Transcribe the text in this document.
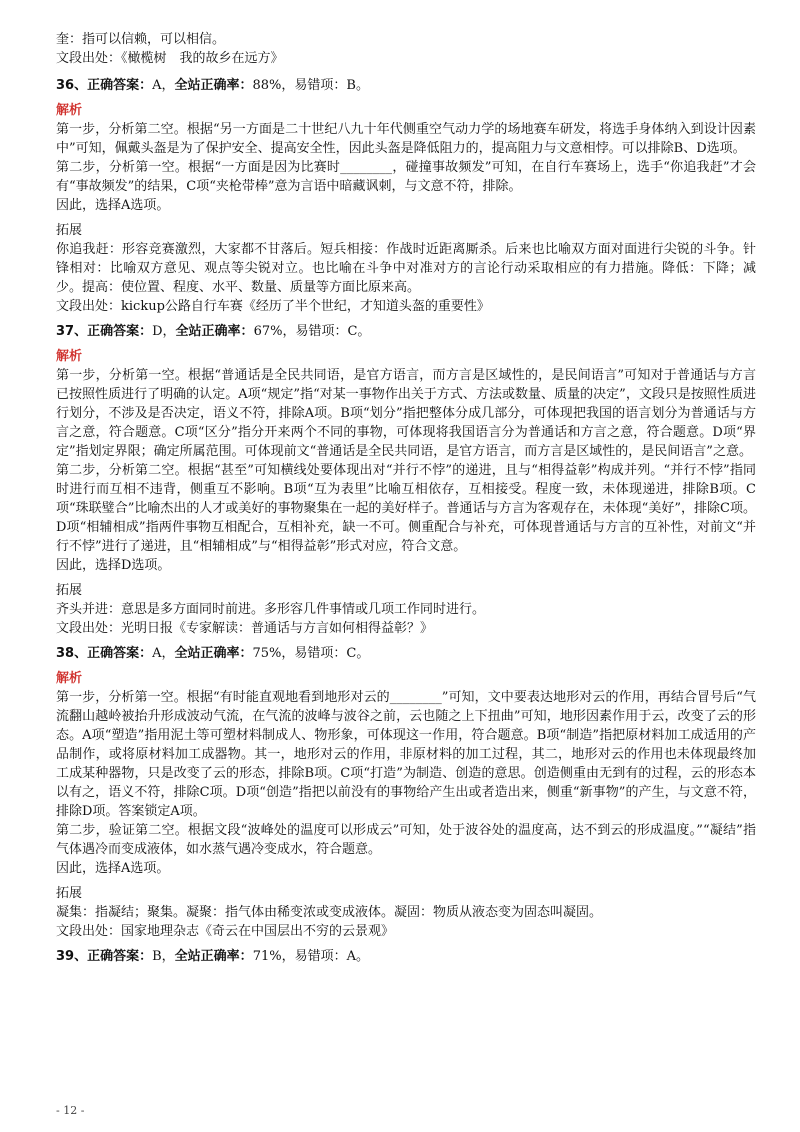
奎：指可以信赖，可以相信。

文段出处：《橄榄树　我的故乡在远方》

36、正确答案：A，全站正确率：88%，易错项：B。

解析

第一步，分析第二空。根据“另一方面是二十世纪八九十年代侧重空气动力学的场地赛车研发，将选手身体纳入到设计因素中”可知，佩戴头盔是为了保护安全、提高安全性，因此头盔是降低阻力的，提高阻力与文意相悖。可以排除B、D选项。

第二步，分析第一空。根据“一方面是因为比赛时________，碰撞事故频发”可知，在自行车赛场上，选手“你追我赶”才会有“事故频发”的结果，C项“夹枪带棒”意为言语中暗藏讽刺，与文意不符，排除。

因此，选择A选项。

拓展

你追我赶：形容竞赛激烈，大家都不甘落后。短兵相接：作战时近距离厮杀。后来也比喻双方面对面进行尖锐的斗争。针锋相对：比喻双方意见、观点等尖锐对立。也比喻在斗争中对准对方的言论行动采取相应的有力措施。降低：下降；减少。提高：使位置、程度、水平、数量、质量等方面比原来高。

文段出处：kickup公路自行车赛《经历了半个世纪，才知道头盔的重要性》

37、正确答案：D，全站正确率：67%，易错项：C。

解析

第一步，分析第一空。根据“普通话是全民共同语，是官方语言，而方言是区域性的，是民间语言”可知对于普通话与方言已按照性质进行了明确的认定。A项“规定”指“对某一事物作出关于方式、方法或数量、质量的决定”，文段只是按照性质进行划分，不涉及是否决定，语义不符，排除A项。B项“划分”指把整体分成几部分，可体现把我国的语言划分为普通话与方言之意，符合题意。C项“区分”指分开来两个不同的事物，可体现将我国语言分为普通话和方言之意，符合题意。D项“界定”指划定界限；确定所属范围。可体现前文“普通话是全民共同语，是官方语言，而方言是区域性的，是民间语言”之意。

第二步，分析第二空。根据“甚至”可知横线处要体现出对“并行不悖”的递进，且与“相得益彰”构成并列。“并行不悖”指同时进行而互相不违背，侧重互不影响。B项“互为表里”比喻互相依存，互相接受。程度一致，未体现递进，排除B项。C项“珠联璧合”比喻杰出的人才或美好的事物聚集在一起的美好样子。普通话与方言为客观存在，未体现“美好”，排除C项。D项“相辅相成”指两件事物互相配合，互相补充，缺一不可。侧重配合与补充，可体现普通话与方言的互补性，对前文“并行不悖”进行了递进，且“相辅相成”与“相得益彰”形式对应，符合文意。

因此，选择D选项。

拓展

齐头并进：意思是多方面同时前进。多形容几件事情或几项工作同时进行。

文段出处：光明日报《专家解读：普通话与方言如何相得益彰？》

38、正确答案：A，全站正确率：75%，易错项：C。

解析

第一步，分析第一空。根据“有时能直观地看到地形对云的________”可知，文中要表达地形对云的作用，再结合冒号后“气流翻山越岭被抬升形成波动气流，在气流的波峰与波谷之前，云也随之上下扭曲”可知，地形因素作用于云，改变了云的形态。A项“塑造”指用泥土等可塑材料制成人、物形象，可体现这一作用，符合题意。B项“制造”指把原材料加工成适用的产品制作，或将原材料加工成器物。其一，地形对云的作用，非原材料的加工过程，其二，地形对云的作用也未体现最终加工成某种器物，只是改变了云的形态，排除B项。C项“打造”为制造、创造的意思。创造侧重由无到有的过程，云的形态本以有之，语义不符，排除C项。D项“创造”指把以前没有的事物给产生出或者造出来，侧重“新事物”的产生，与文意不符，排除D项。答案锁定A项。

第二步，验证第二空。根据文段“波峰处的温度可以形成云”可知，处于波谷处的温度高，达不到云的形成温度。”“凝结”指气体遇冷而变成液体，如水蒸气遇冷变成水，符合题意。

因此，选择A选项。

拓展

凝集：指凝结；聚集。凝聚：指气体由稀变浓或变成液体。凝固：物质从液态变为固态叫凝固。

文段出处：国家地理杂志《奇云在中国层出不穷的云景观》

39、正确答案：B，全站正确率：71%，易错项：A。

- 12 -
